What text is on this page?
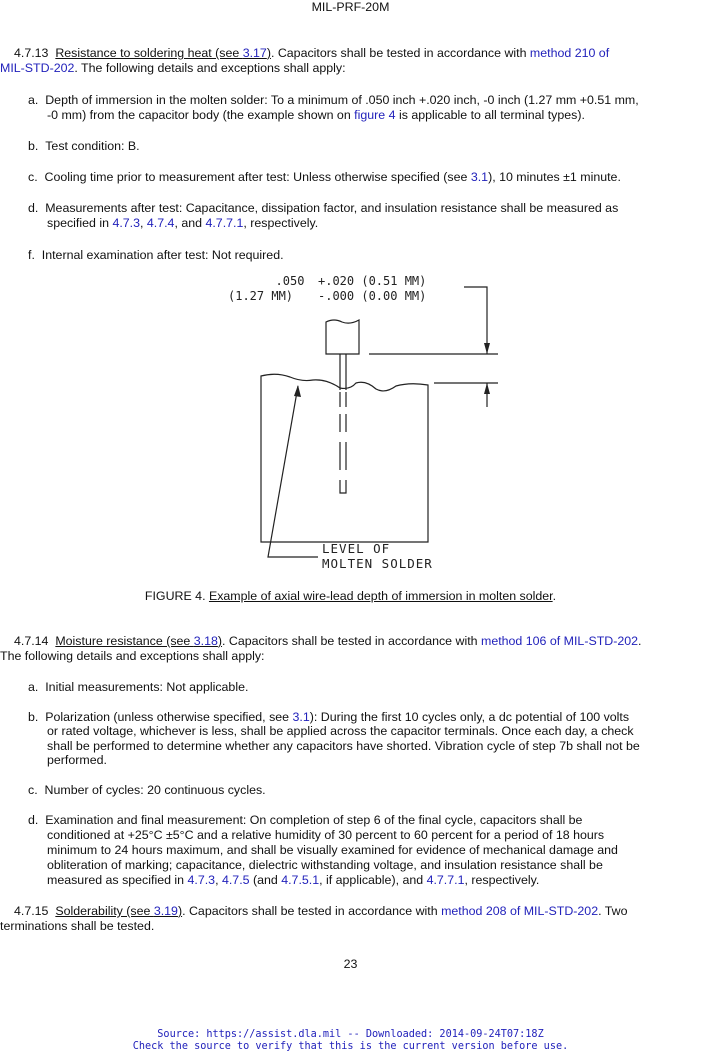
MIL-PRF-20M
4.7.13 Resistance to soldering heat (see 3.17). Capacitors shall be tested in accordance with method 210 of
MIL-STD-202. The following details and exceptions shall apply:
a. Depth of immersion in the molten solder: To a minimum of .050 inch +.020 inch, -0 inch (1.27 mm +0.51 mm,
-0 mm) from the capacitor body (the example shown on figure 4 is applicable to all terminal types).
b. Test condition: B.
c. Cooling time prior to measurement after test: Unless otherwise specified (see 3.1), 10 minutes ±1 minute.
d. Measurements after test: Capacitance, dissipation factor, and insulation resistance shall be measured as
specified in 4.7.3, 4.7.4, and 4.7.7.1, respectively.
f. Internal examination after test: Not required.
.050
(1.27 MM)
+.020 (0.51 MM)
-.000 (0.00 MM)
LEVEL OF
MOLTEN SOLDER
FIGURE 4. Example of axial wire-lead depth of immersion in molten solder.
4.7.14 Moisture resistance (see 3.18). Capacitors shall be tested in accordance with method 106 of MIL-STD-202.
The following details and exceptions shall apply:
a. Initial measurements: Not applicable.
b. Polarization (unless otherwise specified, see 3.1): During the first 10 cycles only, a dc potential of 100 volts
or rated voltage, whichever is less, shall be applied across the capacitor terminals. Once each day, a check
shall be performed to determine whether any capacitors have shorted. Vibration cycle of step 7b shall not be
performed.
c. Number of cycles: 20 continuous cycles.
d. Examination and final measurement: On completion of step 6 of the final cycle, capacitors shall be
conditioned at +25°C ±5°C and a relative humidity of 30 percent to 60 percent for a period of 18 hours
minimum to 24 hours maximum, and shall be visually examined for evidence of mechanical damage and
obliteration of marking; capacitance, dielectric withstanding voltage, and insulation resistance shall be
measured as specified in 4.7.3, 4.7.5 (and 4.7.5.1, if applicable), and 4.7.7.1, respectively.
4.7.15 Solderability (see 3.19). Capacitors shall be tested in accordance with method 208 of MIL-STD-202. Two
terminations shall be tested.
23
Source: https://assist.dla.mil -- Downloaded: 2014-09-24T07:18Z
Check the source to verify that this is the current version before use.
